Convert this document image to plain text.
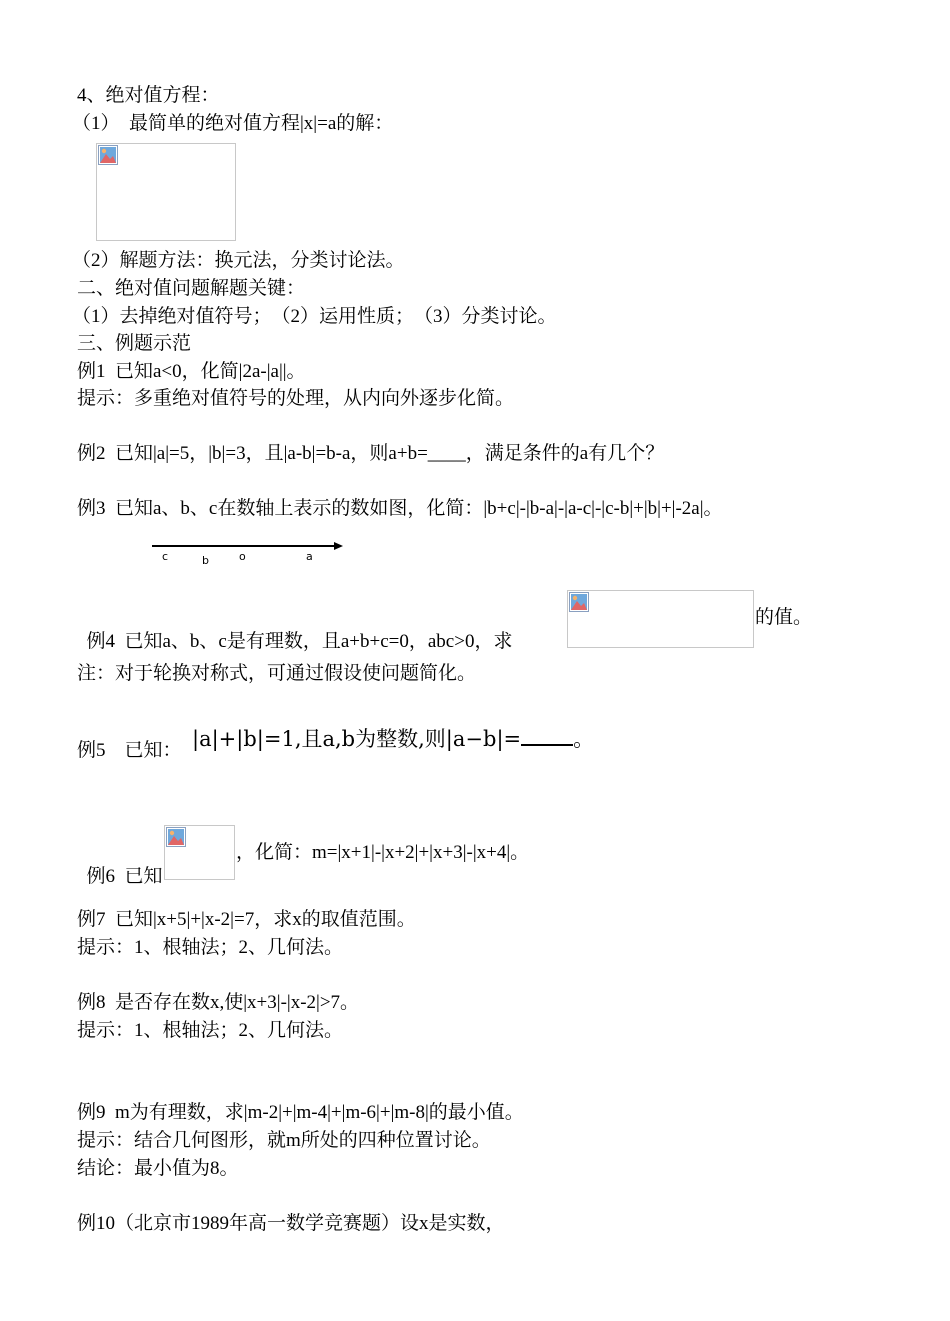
4、绝对值方程：
（1）　最简单的绝对值方程|x|=a的解：
（2）解题方法：换元法，分类讨论法。
二、绝对值问题解题关键：
（1）去掉绝对值符号；　（2）运用性质；　（3）分类讨论。
三、例题示范
例1  已知a<0，化简|2a-|a||。
提示：多重绝对值符号的处理，从内向外逐步化简。
例2  已知|a|=5，|b|=3，且|a-b|=b-a，则a+b=____，满足条件的a有几个？
例3  已知a、b、c在数轴上表示的数如图，化简：|b+c|-|b-a|-|a-c|-|c-b|+|b|+|-2a|。
c	b	o	a

例4  已知a、b、c是有理数，且a+b+c=0，abc>0，求

的值。
注：对于轮换对称式，可通过假设使问题简化。
例5　已知： |a|+|b|=1,且a,b为整数,则|a−b|= 。

例6  已知

，化简：m=|x+1|-|x+2|+|x+3|-|x+4|。
例7  已知|x+5|+|x-2|=7，求x的取值范围。
提示：1、根轴法；2、几何法。
例8  是否存在数x,使|x+3|-|x-2|>7。
提示：1、根轴法；2、几何法。
例9  m为有理数，求|m-2|+|m-4|+|m-6|+|m-8|的最小值。
提示：结合几何图形，就m所处的四种位置讨论。
结论：最小值为8。
例10（北京市1989年高一数学竞赛题）设x是实数，
